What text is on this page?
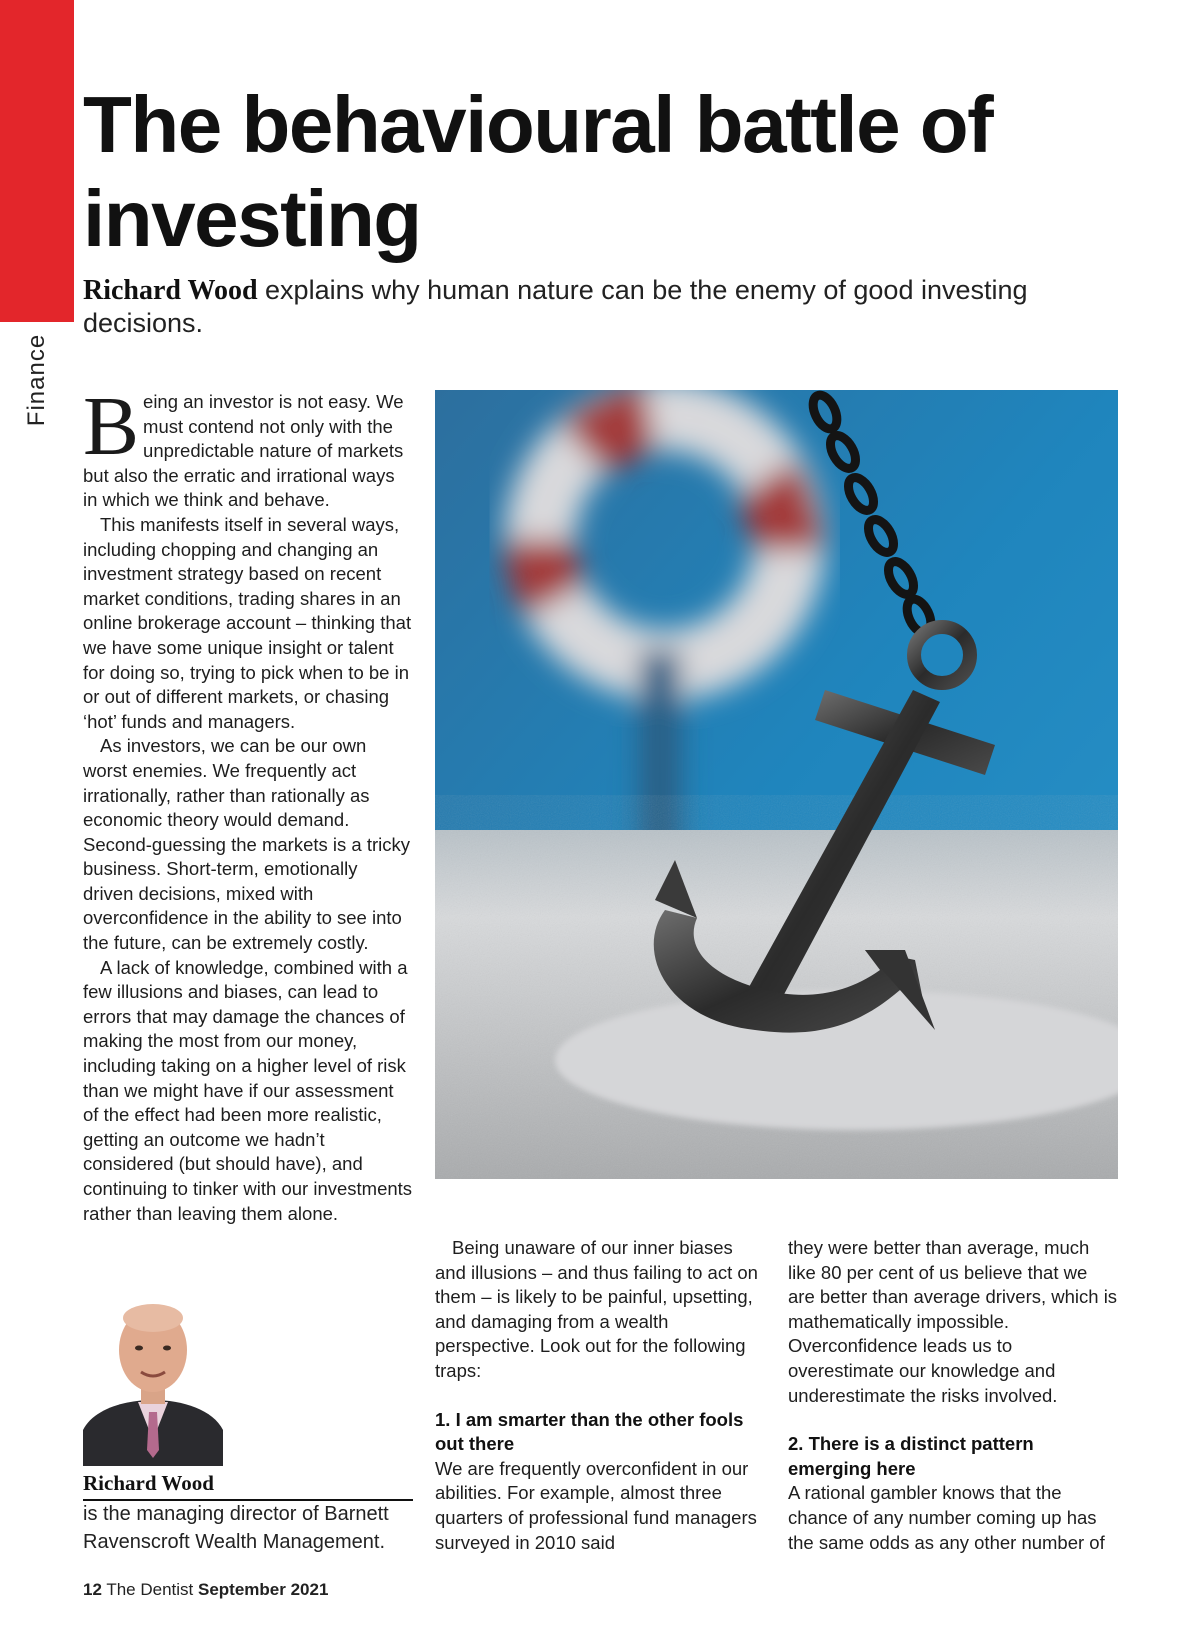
Finance
The behavioural battle of investing
Richard Wood explains why human nature can be the enemy of good investing decisions.

Being an investor is not easy. We must contend not only with the unpredictable nature of markets but also the erratic and irrational ways in which we think and behave.

This manifests itself in several ways, including chopping and changing an investment strategy based on recent market conditions, trading shares in an online brokerage account – thinking that we have some unique insight or talent for doing so, trying to pick when to be in or out of different markets, or chasing ‘hot’ funds and managers.

As investors, we can be our own worst enemies. We frequently act irrationally, rather than rationally as economic theory would demand. Second-guessing the markets is a tricky business. Short-term, emotionally driven decisions, mixed with overconfidence in the ability to see into the future, can be extremely costly.

A lack of knowledge, combined with a few illusions and biases, can lead to errors that may damage the chances of making the most from our money, including taking on a higher level of risk than we might have if our assessment of the effect had been more realistic, getting an outcome we hadn’t considered (but should have), and continuing to tinker with our investments rather than leaving them alone.

Richard Wood
is the managing director of Barnett Ravenscroft Wealth Management.

Being unaware of our inner biases and illusions – and thus failing to act on them – is likely to be painful, upsetting, and damaging from a wealth perspective. Look out for the following traps:

1. I am smarter than the other fools out there

We are frequently overconfident in our abilities. For example, almost three quarters of professional fund managers surveyed in 2010 said

they were better than average, much like 80 per cent of us believe that we are better than average drivers, which is mathematically impossible. Overconfidence leads us to overestimate our knowledge and underestimate the risks involved.

2. There is a distinct pattern emerging here

A rational gambler knows that the chance of any number coming up has the same odds as any other number of

12 The Dentist September 2021
